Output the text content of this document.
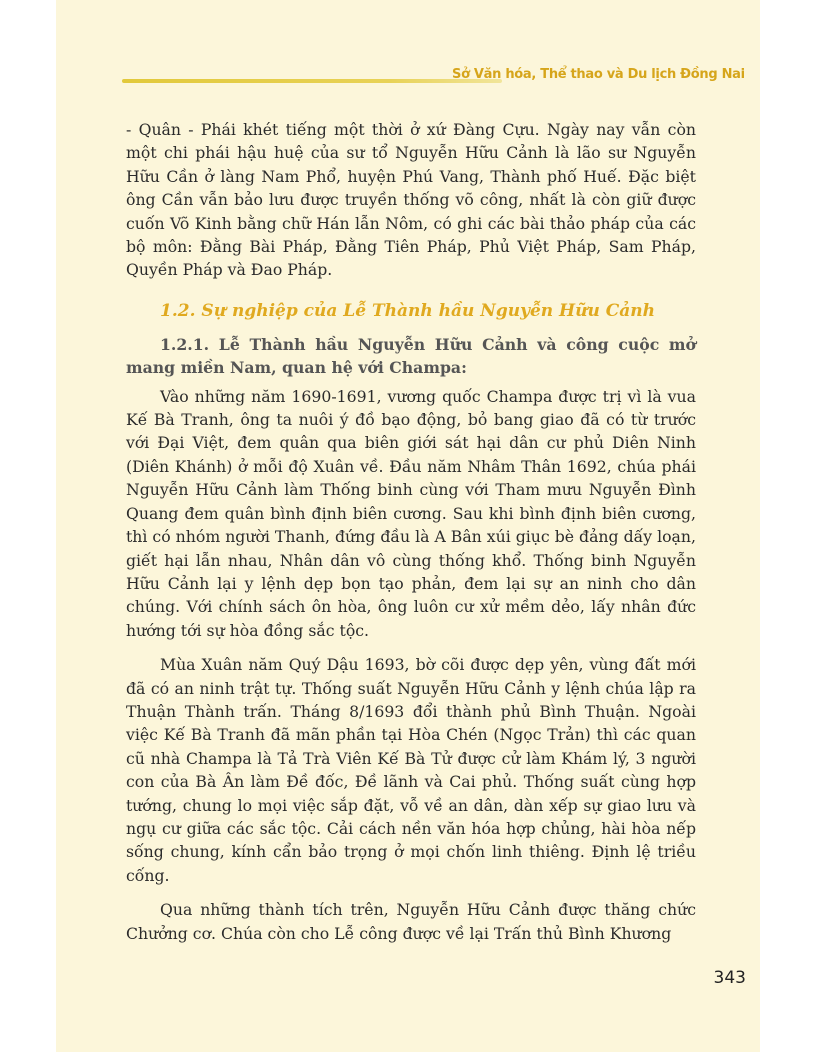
Sở Văn hóa, Thể thao và Du lịch Đồng Nai

- Quân - Phái khét tiếng một thời ở xứ Đàng Cựu. Ngày nay vẫn còn một chi phái hậu huệ của sư tổ Nguyễn Hữu Cảnh là lão sư Nguyễn Hữu Cần ở làng Nam Phổ, huyện Phú Vang, Thành phố Huế. Đặc biệt ông Cần vẫn bảo lưu được truyền thống võ công, nhất là còn giữ được cuốn Võ Kinh bằng chữ Hán lẫn Nôm, có ghi các bài thảo pháp của các bộ môn: Đằng Bài Pháp, Đằng Tiên Pháp, Phủ Việt Pháp, Sam Pháp, Quyền Pháp và Đao Pháp.

1.2. Sự nghiệp của Lễ Thành hầu Nguyễn Hữu Cảnh

1.2.1. Lễ Thành hầu Nguyễn Hữu Cảnh và công cuộc mở mang miền Nam, quan hệ với Champa:

Vào những năm 1690-1691, vương quốc Champa được trị vì là vua Kế Bà Tranh, ông ta nuôi ý đồ bạo động, bỏ bang giao đã có từ trước với Đại Việt, đem quân qua biên giới sát hại dân cư phủ Diên Ninh (Diên Khánh) ở mỗi độ Xuân về. Đầu năm Nhâm Thân 1692, chúa phái Nguyễn Hữu Cảnh làm Thống binh cùng với Tham mưu Nguyễn Đình Quang đem quân bình định biên cương. Sau khi bình định biên cương, thì có nhóm người Thanh, đứng đầu là A Bân xúi giục bè đảng dấy loạn, giết hại lẫn nhau, Nhân dân vô cùng thống khổ. Thống binh Nguyễn Hữu Cảnh lại y lệnh dẹp bọn tạo phản, đem lại sự an ninh cho dân chúng. Với chính sách ôn hòa, ông luôn cư xử mềm dẻo, lấy nhân đức hướng tới sự hòa đồng sắc tộc.

Mùa Xuân năm Quý Dậu 1693, bờ cõi được dẹp yên, vùng đất mới đã có an ninh trật tự. Thống suất Nguyễn Hữu Cảnh y lệnh chúa lập ra Thuận Thành trấn. Tháng 8/1693 đổi thành phủ Bình Thuận. Ngoài việc Kế Bà Tranh đã mãn phần tại Hòa Chén (Ngọc Trản) thì các quan cũ nhà Champa là Tả Trà Viên Kế Bà Tử được cử làm Khám lý, 3 người con của Bà Ân làm Đề đốc, Đề lãnh và Cai phủ. Thống suất cùng hợp tướng, chung lo mọi việc sắp đặt, vỗ về an dân, dàn xếp sự giao lưu và ngụ cư giữa các sắc tộc. Cải cách nền văn hóa hợp chủng, hài hòa nếp sống chung, kính cẩn bảo trọng ở mọi chốn linh thiêng. Định lệ triều cống.

Qua những thành tích trên, Nguyễn Hữu Cảnh được thăng chức Chưởng cơ. Chúa còn cho Lễ công được về lại Trấn thủ Bình Khương

343
